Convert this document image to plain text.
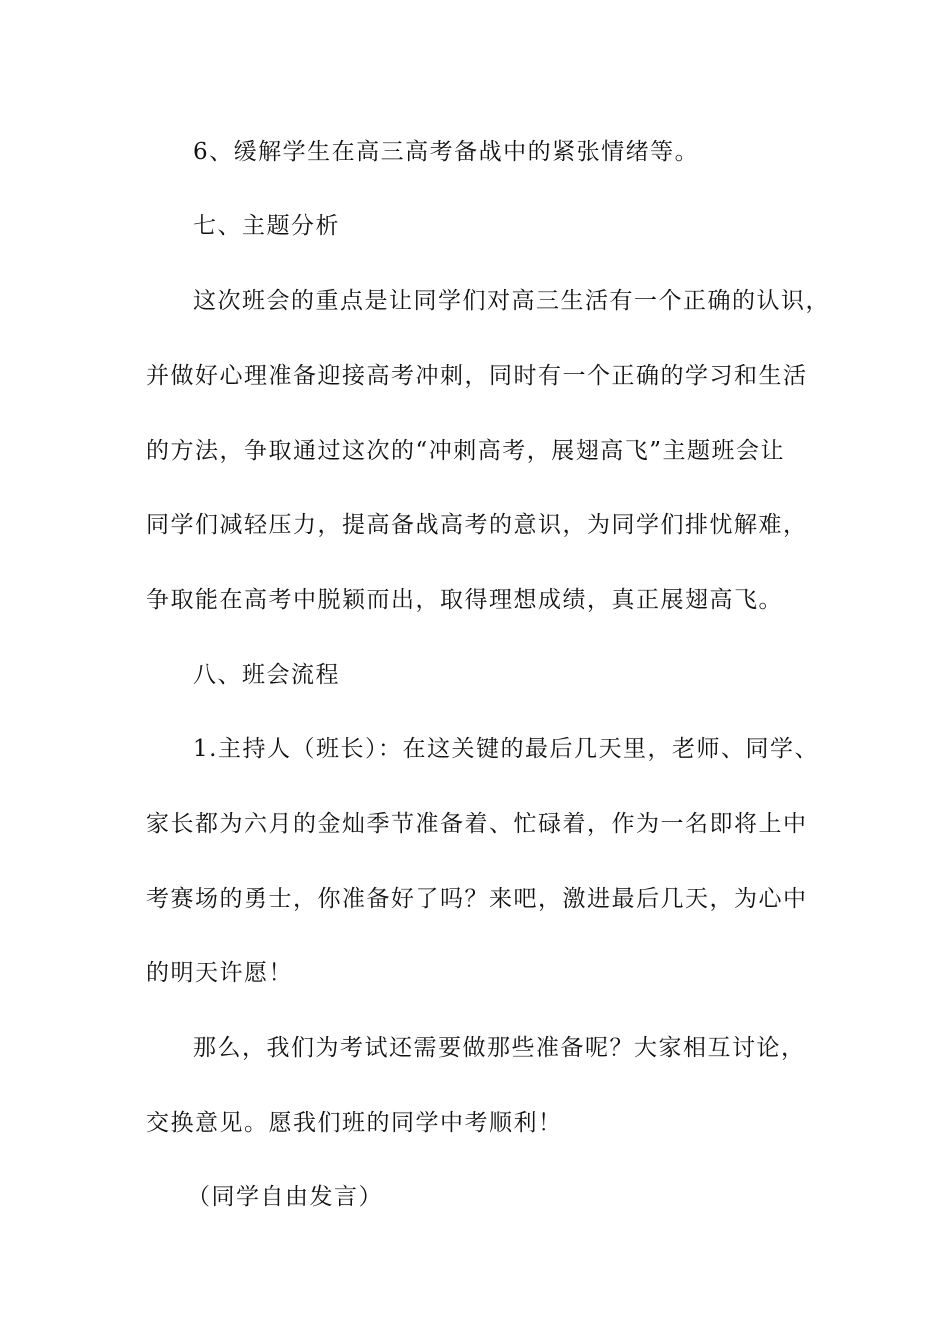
6、缓解学生在高三高考备战中的紧张情绪等。
七、主题分析
这次班会的重点是让同学们对高三生活有一个正确的认识，
并做好心理准备迎接高考冲刺，同时有一个正确的学习和生活
的方法，争取通过这次的“冲刺高考，展翅高飞”主题班会让
同学们减轻压力，提高备战高考的意识，为同学们排忧解难，
争取能在高考中脱颖而出，取得理想成绩，真正展翅高飞。
八、班会流程
1.主持人（班长）：在这关键的最后几天里，老师、同学、
家长都为六月的金灿季节准备着、忙碌着，作为一名即将上中
考赛场的勇士，你准备好了吗？来吧，激进最后几天，为心中
的明天许愿！
那么，我们为考试还需要做那些准备呢？大家相互讨论，
交换意见。愿我们班的同学中考顺利！
（同学自由发言）
